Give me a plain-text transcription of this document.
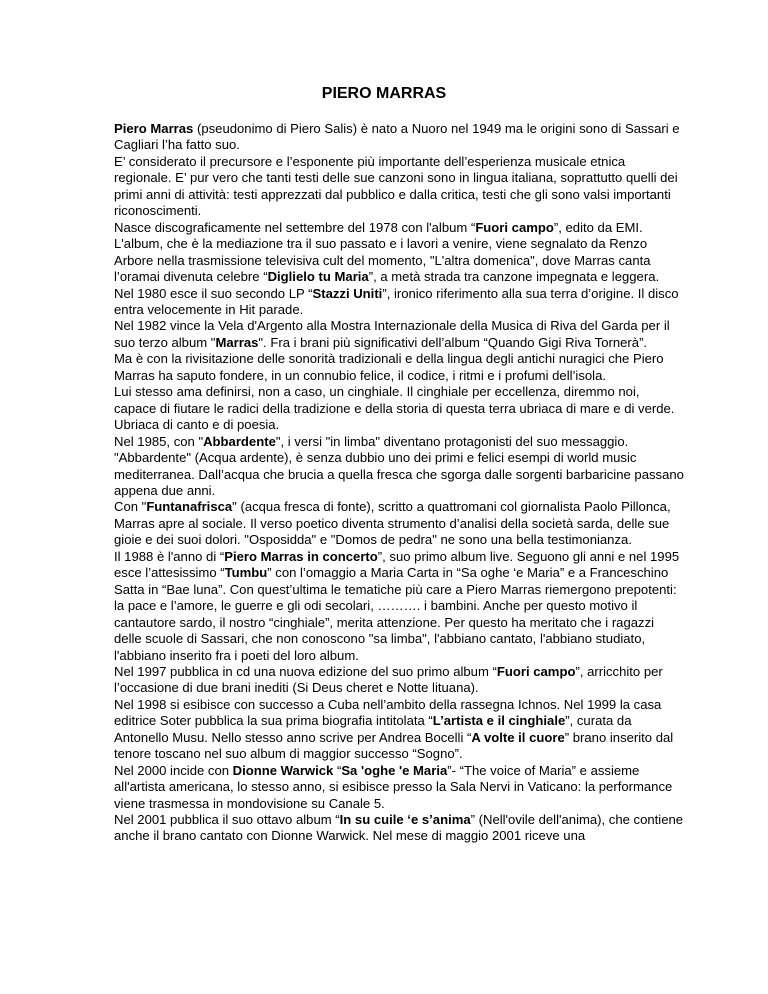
PIERO MARRAS

Piero Marras (pseudonimo di Piero Salis) è nato a Nuoro nel 1949 ma le origini sono di Sassari e Cagliari l’ha fatto suo.

E’ considerato il precursore e l’esponente più importante dell’esperienza musicale etnica regionale. E’ pur vero che tanti testi delle sue canzoni sono in lingua italiana, soprattutto quelli dei primi anni di attività: testi apprezzati dal pubblico e dalla critica, testi che gli sono valsi importanti riconoscimenti.

Nasce discograficamente nel settembre del 1978 con l'album “Fuori campo”, edito da EMI. L'album, che è la mediazione tra il suo passato e i lavori a venire, viene segnalato da Renzo Arbore nella trasmissione televisiva cult del momento, "L'altra domenica", dove Marras canta l’oramai divenuta celebre “Diglielo tu Maria”, a metà strada tra canzone impegnata e leggera.

Nel 1980 esce il suo secondo LP “Stazzi Uniti”, ironico riferimento alla sua terra d’origine. Il disco entra velocemente in Hit parade.

Nel 1982 vince la Vela d'Argento alla Mostra Internazionale della Musica di Riva del Garda per il suo terzo album "Marras". Fra i brani più significativi dell’album “Quando Gigi Riva Tornerà”.

Ma è con la rivisitazione delle sonorità tradizionali e della lingua degli antichi nuragici che Piero Marras ha saputo fondere, in un connubio felice, il codice, i ritmi e i profumi dell’isola.

Lui stesso ama definirsi, non a caso, un cinghiale. Il cinghiale per eccellenza, diremmo noi, capace di fiutare le radici della tradizione e della storia di questa terra ubriaca di mare e di verde.

Ubriaca di canto e di poesia.

Nel 1985, con "Abbardente", i versi "in limba" diventano protagonisti del suo messaggio. "Abbardente" (Acqua ardente), è senza dubbio uno dei primi e felici esempi di world music mediterranea. Dall’acqua che brucia a quella fresca che sgorga dalle sorgenti barbaricine passano appena due anni.

Con "Funtanafrisca" (acqua fresca di fonte), scritto a quattromani col giornalista Paolo Pillonca, Marras apre al sociale. Il verso poetico diventa strumento d’analisi della società sarda, delle sue gioie e dei suoi dolori. "Osposidda" e "Domos de pedra" ne sono una bella testimonianza.

Il 1988 è l'anno di “Piero Marras in concerto”, suo primo album live. Seguono gli anni e nel 1995 esce l’attesissimo “Tumbu” con l’omaggio a Maria Carta in “Sa oghe ‘e Maria” e a Franceschino Satta in “Bae luna”. Con quest’ultima le tematiche più care a Piero Marras riemergono prepotenti: la pace e l’amore, le guerre e gli odi secolari, ………. i bambini. Anche per questo motivo il cantautore sardo, il nostro “cinghiale”, merita attenzione. Per questo ha meritato che i ragazzi delle scuole di Sassari, che non conoscono "sa limba", l'abbiano cantato, l'abbiano studiato, l'abbiano inserito fra i poeti del loro album.

Nel 1997 pubblica in cd una nuova edizione del suo primo album “Fuori campo”, arricchito per l’occasione di due brani inediti (Si Deus cheret e Notte lituana).

Nel 1998 si esibisce con successo a Cuba nell’ambito della rassegna Ichnos. Nel 1999 la casa editrice Soter pubblica la sua prima biografia intitolata “L’artista e il cinghiale”, curata da Antonello Musu. Nello stesso anno scrive per Andrea Bocelli “A volte il cuore” brano inserito dal tenore toscano nel suo album di maggior successo “Sogno”.

Nel 2000 incide con Dionne Warwick “Sa 'oghe 'e Maria”- “The voice of Maria” e assieme all'artista americana, lo stesso anno, si esibisce presso la Sala Nervi in Vaticano: la performance viene trasmessa in mondovisione su Canale 5.

Nel 2001 pubblica il suo ottavo album “In su cuile ‘e s’anima” (Nell'ovile dell'anima), che contiene anche il brano cantato con Dionne Warwick. Nel mese di maggio 2001 riceve una
